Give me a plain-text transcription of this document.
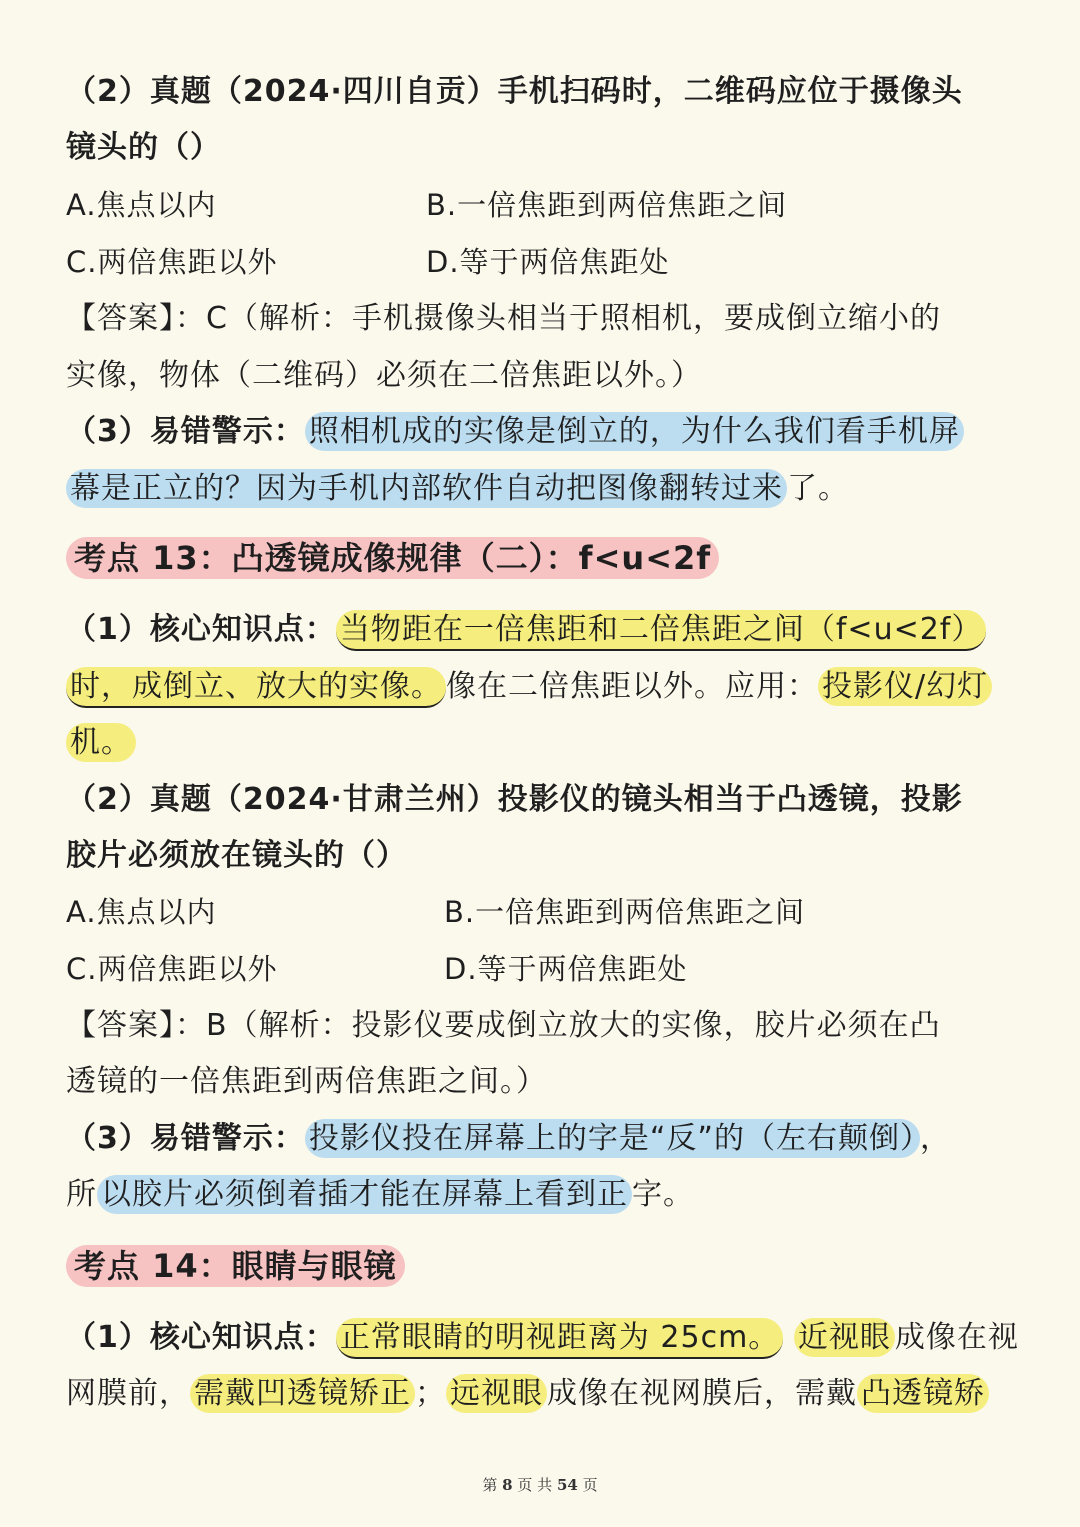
（2）真题（2024·四川自贡）手机扫码时，二维码应位于摄像头
镜头的（）
A.焦点以内	B.一倍焦距到两倍焦距之间
C.两倍焦距以外	D.等于两倍焦距处
【答案】：C（解析：手机摄像头相当于照相机，要成倒立缩小的
实像，物体（二维码）必须在二倍焦距以外。）
（3）易错警示： 照相机成的实像是倒立的，为什么我们看手机屏
幕是正立的？因为手机内部软件自动把图像翻转过来 了。
考点 13：凸透镜成像规律（二）：f<u<2f
（1）核心知识点： 当物距在一倍焦距和二倍焦距之间（f<u<2f）
时，成倒立、放大的实像。 像在二倍焦距以外。应用： 投影仪/幻灯
机。
（2）真题（2024·甘肃兰州）投影仪的镜头相当于凸透镜，投影
胶片必须放在镜头的（）
A.焦点以内	B.一倍焦距到两倍焦距之间
C.两倍焦距以外	D.等于两倍焦距处
【答案】：B（解析：投影仪要成倒立放大的实像，胶片必须在凸
透镜的一倍焦距到两倍焦距之间。）
（3）易错警示： 投影仪投在屏幕上的字是“反”的（左右颠倒） ，
所 以胶片必须倒着插才能在屏幕上看到正 字。
考点 14：眼睛与眼镜
（1）核心知识点： 正常眼睛的明视距离为 25cm。 近视眼 成像在视
网膜前， 需戴凹透镜矫正 ； 远视眼 成像在视网膜后，需戴 凸透镜矫
第 8 页 共 54 页
